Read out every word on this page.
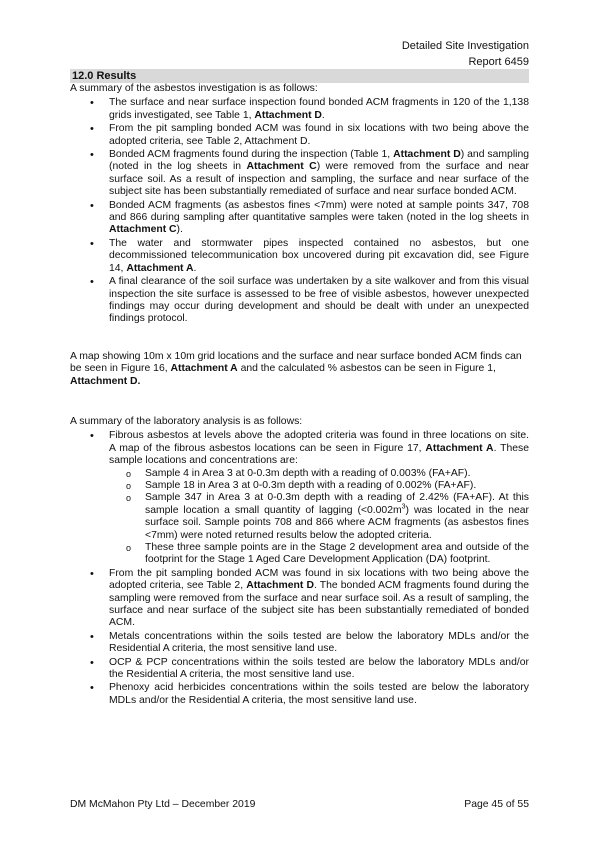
Detailed Site Investigation
Report 6459
12.0 Results

A summary of the asbestos investigation is as follows:

• The surface and near surface inspection found bonded ACM fragments in 120 of the 1,138 grids investigated, see Table 1, Attachment D.
• From the pit sampling bonded ACM was found in six locations with two being above the adopted criteria, see Table 2, Attachment D.
• Bonded ACM fragments found during the inspection (Table 1, Attachment D) and sampling (noted in the log sheets in Attachment C) were removed from the surface and near surface soil. As a result of inspection and sampling, the surface and near surface of the subject site has been substantially remediated of surface and near surface bonded ACM.
• Bonded ACM fragments (as asbestos fines <7mm) were noted at sample points 347, 708 and 866 during sampling after quantitative samples were taken (noted in the log sheets in Attachment C).
• The water and stormwater pipes inspected contained no asbestos, but one decommissioned telecommunication box uncovered during pit excavation did, see Figure 14, Attachment A.
• A final clearance of the soil surface was undertaken by a site walkover and from this visual inspection the site surface is assessed to be free of visible asbestos, however unexpected findings may occur during development and should be dealt with under an unexpected findings protocol.

A map showing 10m x 10m grid locations and the surface and near surface bonded ACM finds can be seen in Figure 16, Attachment A and the calculated % asbestos can be seen in Figure 1, Attachment D.

A summary of the laboratory analysis is as follows:

• Fibrous asbestos at levels above the adopted criteria was found in three locations on site. A map of the fibrous asbestos locations can be seen in Figure 17, Attachment A. These sample locations and concentrations are:
o Sample 4 in Area 3 at 0-0.3m depth with a reading of 0.003% (FA+AF).
o Sample 18 in Area 3 at 0-0.3m depth with a reading of 0.002% (FA+AF).
o Sample 347 in Area 3 at 0-0.3m depth with a reading of 2.42% (FA+AF). At this sample location a small quantity of lagging $(<0.002m^3)$ was located in the near surface soil. Sample points 708 and 866 where ACM fragments (as asbestos fines <7mm) were noted returned results below the adopted criteria.
o These three sample points are in the Stage 2 development area and outside of the footprint for the Stage 1 Aged Care Development Application (DA) footprint.
• From the pit sampling bonded ACM was found in six locations with two being above the adopted criteria, see Table 2, Attachment D. The bonded ACM fragments found during the sampling were removed from the surface and near surface soil. As a result of sampling, the surface and near surface of the subject site has been substantially remediated of bonded ACM.
• Metals concentrations within the soils tested are below the laboratory MDLs and/or the Residential A criteria, the most sensitive land use.
• OCP & PCP concentrations within the soils tested are below the laboratory MDLs and/or the Residential A criteria, the most sensitive land use.
• Phenoxy acid herbicides concentrations within the soils tested are below the laboratory MDLs and/or the Residential A criteria, the most sensitive land use.
DM McMahon Pty Ltd – December 2019	Page 45 of 55
